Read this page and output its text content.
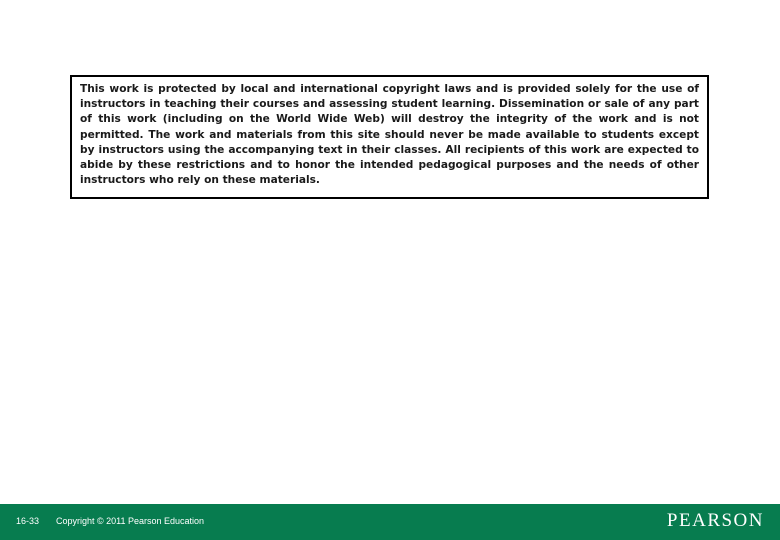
This work is protected by local and international copyright laws and is provided solely for the use of instructors in teaching their courses and assessing student learning. Dissemination or sale of any part of this work (including on the World Wide Web) will destroy the integrity of the work and is not permitted. The work and materials from this site should never be made available to students except by instructors using the accompanying text in their classes. All recipients of this work are expected to abide by these restrictions and to honor the intended pedagogical purposes and the needs of other instructors who rely on these materials.

16-33 Copyright © 2011 Pearson Education	PEARSON
